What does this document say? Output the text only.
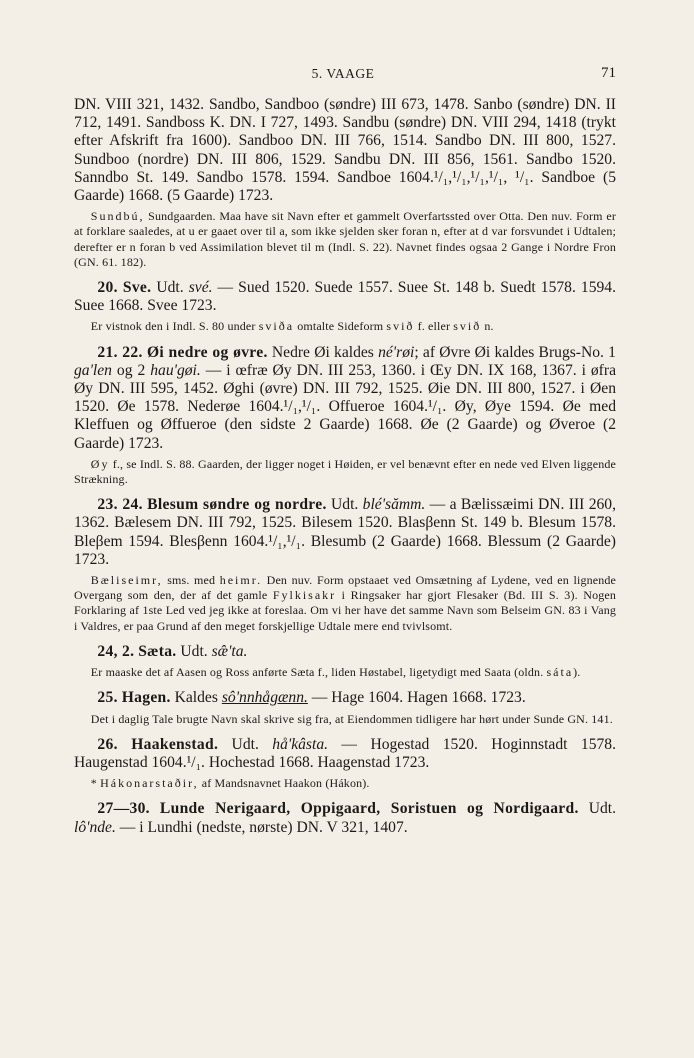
5. VAAGE	71

DN. VIII 321, 1432. Sandbo, Sandboo (søndre) III 673, 1478. Sanbo (søndre) DN. II 712, 1491. Sandboss K. DN. I 727, 1493. Sandbu (søndre) DN. VIII 294, 1418 (trykt efter Afskrift fra 1600). Sandboo DN. III 766, 1514. Sandbo DN. III 800, 1527. Sundboo (nordre) DN. III 806, 1529. Sandbu DN. III 856, 1561. Sandbo 1520. Sanndbo St. 149. Sandbo 1578. 1594. Sandboe 1604.¹/₁,¹/₁,¹/₁,¹/₁, ¹/₁. Sandboe (5 Gaarde) 1668. (5 Gaarde) 1723.

Sundbú, Sundgaarden. Maa have sit Navn efter et gammelt Overfartssted over Otta. Den nuv. Form er at forklare saaledes, at u er gaaet over til a, som ikke sjelden sker foran n, efter at d var forsvundet i Udtalen; derefter er n foran b ved Assimilation blevet til m (Indl. S. 22). Navnet findes ogsaa 2 Gange i Nordre Fron (GN. 61. 182).

20. Sve. Udt. své. — Sued 1520. Suede 1557. Suee St. 148 b. Suedt 1578. 1594. Suee 1668. Svee 1723.

Er vistnok den i Indl. S. 80 under sviða omtalte Sideform svið f. eller svið n.

21. 22. Øi nedre og øvre. Nedre Øi kaldes né'røi; af Øvre Øi kaldes Brugs-No. 1 ga'len og 2 hau'gøi. — i œfræ Øy DN. III 253, 1360. i Œy DN. IX 168, 1367. i øfra Øy DN. III 595, 1452. Øghi (øvre) DN. III 792, 1525. Øie DN. III 800, 1527. i Øen 1520. Øe 1578. Nederøe 1604.¹/₁,¹/₁. Offueroe 1604.¹/₁. Øy, Øye 1594. Øe med Kleffuen og Øffueroe (den sidste 2 Gaarde) 1668. Øe (2 Gaarde) og Øveroe (2 Gaarde) 1723.

Øy f., se Indl. S. 88. Gaarden, der ligger noget i Høiden, er vel benævnt efter en nede ved Elven liggende Strækning.

23. 24. Blesum søndre og nordre. Udt. blé'sămm. — a Bælissæimi DN. III 260, 1362. Bælesem DN. III 792, 1525. Bilesem 1520. Blasβenn St. 149 b. Blesum 1578. Bleβem 1594. Blesβenn 1604.¹/₁,¹/₁. Blesumb (2 Gaarde) 1668. Blessum (2 Gaarde) 1723.

Bæliseimr, sms. med heimr. Den nuv. Form opstaaet ved Omsætning af Lydene, ved en lignende Overgang som den, der af det gamle Fylkisakr i Ringsaker har gjort Flesaker (Bd. III S. 3). Nogen Forklaring af 1ste Led ved jeg ikke at foreslaa. Om vi her have det samme Navn som Belseim GN. 83 i Vang i Valdres, er paa Grund af den meget forskjellige Udtale mere end tvivlsomt.

24, 2. Sæta. Udt. sæ̂'ta.

Er maaske det af Aasen og Ross anførte Sæta f., liden Høstabel, ligetydigt med Saata (oldn. sáta).

25. Hagen. Kaldes sô'nnhågænn. — Hage 1604. Hagen 1668. 1723.

Det i daglig Tale brugte Navn skal skrive sig fra, at Eiendommen tidligere har hørt under Sunde GN. 141.

26. Haakenstad. Udt. hå'kâsta. — Hogestad 1520. Hoginnstadt 1578. Haugenstad 1604.¹/₁. Hochestad 1668. Haagenstad 1723.

* Hákonarstaðir, af Mandsnavnet Haakon (Hákon).

27—30. Lunde Nerigaard, Oppigaard, Soristuen og Nordigaard. Udt. lô'nde. — i Lundhi (nedste, nørste) DN. V 321, 1407.
